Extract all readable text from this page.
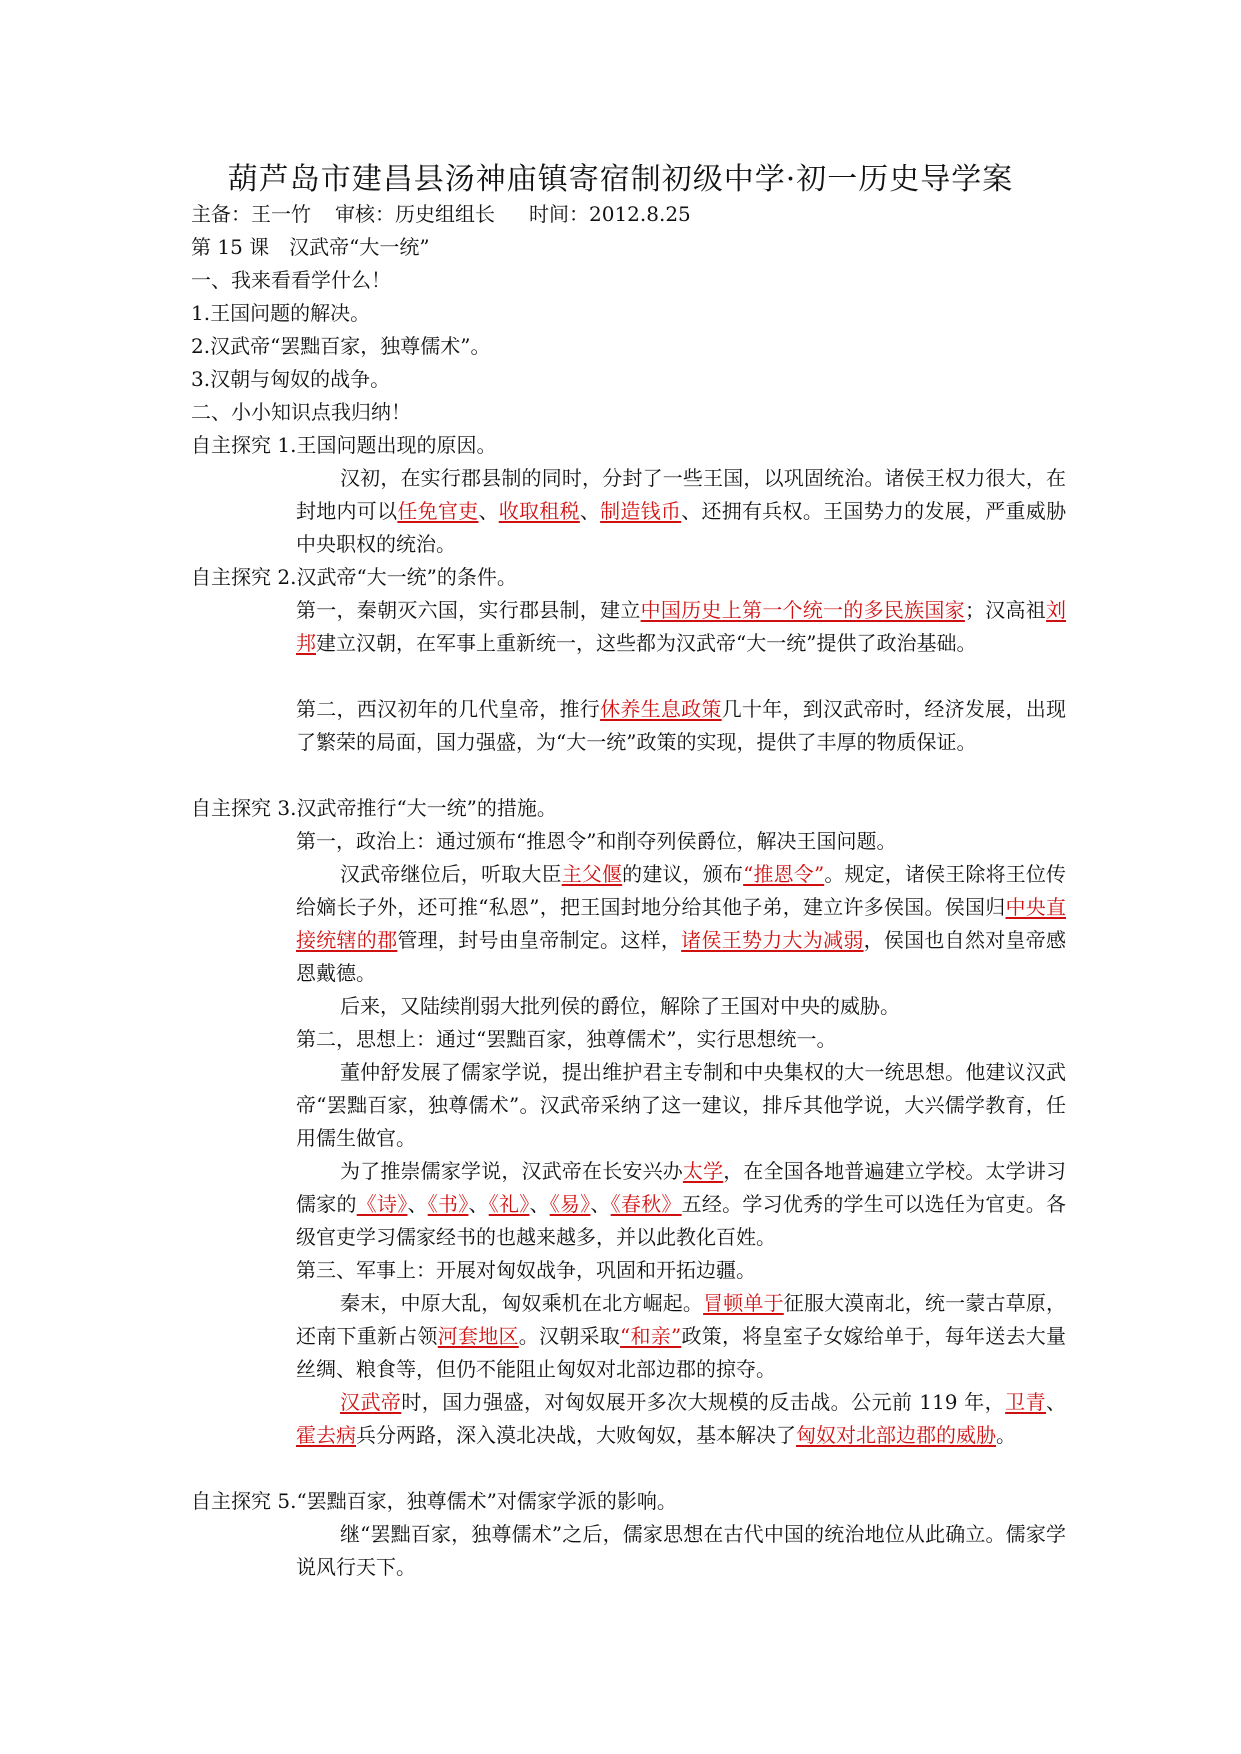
葫芦岛市建昌县汤神庙镇寄宿制初级中学·初一历史导学案
主备：王一竹 审核：历史组组长 时间：2012.8.25
第 15 课　汉武帝“大一统”
一、我来看看学什么！
1.王国问题的解决。
2.汉武帝“罢黜百家，独尊儒术”。
3.汉朝与匈奴的战争。
二、小小知识点我归纳！
自主探究 1.王国问题出现的原因。
汉初，在实行郡县制的同时，分封了一些王国，以巩固统治。诸侯王权力很大，在封地内可以任免官吏、收取租税、制造钱币、还拥有兵权。王国势力的发展，严重威胁中央职权的统治。
自主探究 2.汉武帝“大一统”的条件。
第一，秦朝灭六国，实行郡县制，建立中国历史上第一个统一的多民族国家；汉高祖刘邦建立汉朝，在军事上重新统一，这些都为汉武帝“大一统”提供了政治基础。
第二，西汉初年的几代皇帝，推行休养生息政策几十年，到汉武帝时，经济发展，出现了繁荣的局面，国力强盛，为“大一统”政策的实现，提供了丰厚的物质保证。
自主探究 3.汉武帝推行“大一统”的措施。
第一，政治上：通过颁布“推恩令”和削夺列侯爵位，解决王国问题。
汉武帝继位后，听取大臣主父偃的建议，颁布“推恩令”。规定，诸侯王除将王位传给嫡长子外，还可推“私恩”，把王国封地分给其他子弟，建立许多侯国。侯国归中央直接统辖的郡管理，封号由皇帝制定。这样，诸侯王势力大为减弱，侯国也自然对皇帝感恩戴德。
后来，又陆续削弱大批列侯的爵位，解除了王国对中央的威胁。
第二，思想上：通过“罢黜百家，独尊儒术”，实行思想统一。
董仲舒发展了儒家学说，提出维护君主专制和中央集权的大一统思想。他建议汉武帝“罢黜百家，独尊儒术”。汉武帝采纳了这一建议，排斥其他学说，大兴儒学教育，任用儒生做官。
为了推崇儒家学说，汉武帝在长安兴办太学，在全国各地普遍建立学校。太学讲习儒家的《诗》、《书》、《礼》、《易》、《春秋》五经。学习优秀的学生可以选任为官吏。各级官吏学习儒家经书的也越来越多，并以此教化百姓。
第三、军事上：开展对匈奴战争，巩固和开拓边疆。
秦末，中原大乱，匈奴乘机在北方崛起。冒顿单于征服大漠南北，统一蒙古草原，还南下重新占领河套地区。汉朝采取“和亲”政策，将皇室子女嫁给单于，每年送去大量丝绸、粮食等，但仍不能阻止匈奴对北部边郡的掠夺。
汉武帝时，国力强盛，对匈奴展开多次大规模的反击战。公元前 119 年，卫青、霍去病兵分两路，深入漠北决战，大败匈奴，基本解决了匈奴对北部边郡的威胁。
自主探究 5.“罢黜百家，独尊儒术”对儒家学派的影响。
继“罢黜百家，独尊儒术”之后，儒家思想在古代中国的统治地位从此确立。儒家学说风行天下。
